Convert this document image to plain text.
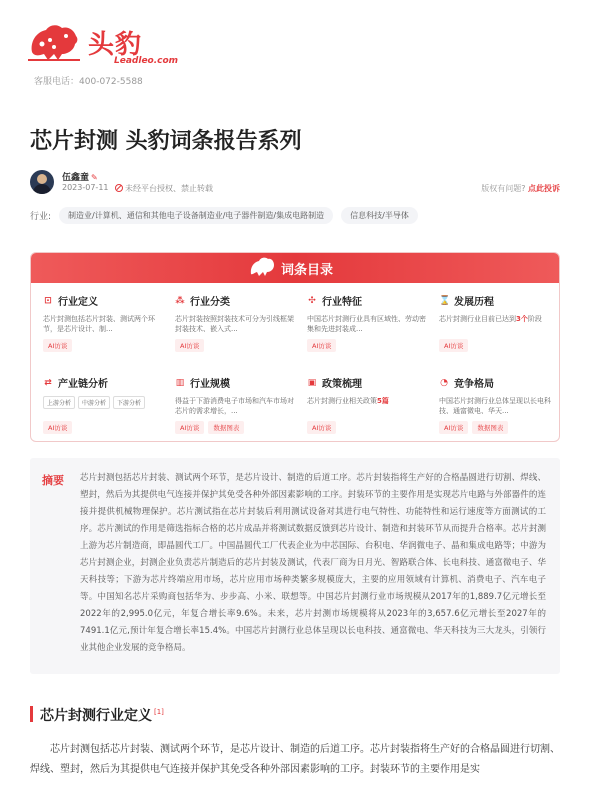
头豹
Leadleo.com
客服电话：400-072-5588
芯片封测 头豹词条报告系列
伍鑫童 ✎
2023-07-11	未经平台授权、禁止转载	版权有问题? 点此投诉
行业:	制造业/计算机、通信和其他电子设备制造业/电子器件制造/集成电路制造	信息科技/半导体
词条目录
⊡ 行业定义
芯片封测包括芯片封装、测试两个环节，是芯片设计、制...
AI访谈
⁂ 行业分类
芯片封装按照封装技术可分为引线框架封装技术、嵌入式...
AI访谈
✣ 行业特征
中国芯片封测行业具有区域性、劳动密集和先进封装成...
AI访谈
⌛ 发展历程
芯片封测行业目前已达到3个阶段
AI访谈
⇄ 产业链分析
上游分析	中游分析	下游分析
AI访谈
▥ 行业规模
得益于下游消费电子市场和汽车市场对芯片的需求增长，...
AI访谈	数据图表
▣ 政策梳理
芯片封测行业相关政策5篇
AI访谈
◔ 竞争格局
中国芯片封测行业总体呈现以长电科技、通富微电、华天...
AI访谈	数据图表
摘要 芯片封测包括芯片封装、测试两个环节，是芯片设计、制造的后道工序。芯片封装指将生产好的合格晶圆进行切割、焊线、塑封，然后为其提供电气连接并保护其免受各种外部因素影响的工序。封装环节的主要作用是实现芯片电路与外部器件的连接并提供机械物理保护。芯片测试指在芯片封装后利用测试设备对其进行电气特性、功能特性和运行速度等方面测试的工序。芯片测试的作用是筛选指标合格的芯片成品并将测试数据反馈到芯片设计、制造和封装环节从而提升合格率。芯片封测上游为芯片制造商，即晶圆代工厂。中国晶圆代工厂代表企业为中芯国际、台积电、华润微电子、晶和集成电路等；中游为芯片封测企业，封测企业负责芯片制造后的芯片封装及测试，代表厂商为日月光、智路联合体、长电科技、通富微电子、华天科技等；下游为芯片终端应用市场，芯片应用市场种类繁多规模庞大，主要的应用领域有计算机、消费电子、汽车电子等。中国知名芯片采购商包括华为、步步高、小米、联想等。中国芯片封测行业市场规模从2017年的1,889.7亿元增长至2022年的2,995.0亿元，年复合增长率9.6%。未来，芯片封测市场规模将从2023年的3,657.6亿元增长至2027年的7491.1亿元,预计年复合增长率15.4%。中国芯片封测行业总体呈现以长电科技、通富微电、华天科技为三大龙头，引领行业其他企业发展的竞争格局。
芯片封测行业定义 [1]

芯片封测包括芯片封装、测试两个环节，是芯片设计、制造的后道工序。芯片封装指将生产好的合格晶圆进行切割、焊线、塑封，然后为其提供电气连接并保护其免受各种外部因素影响的工序。封装环节的主要作用是实
